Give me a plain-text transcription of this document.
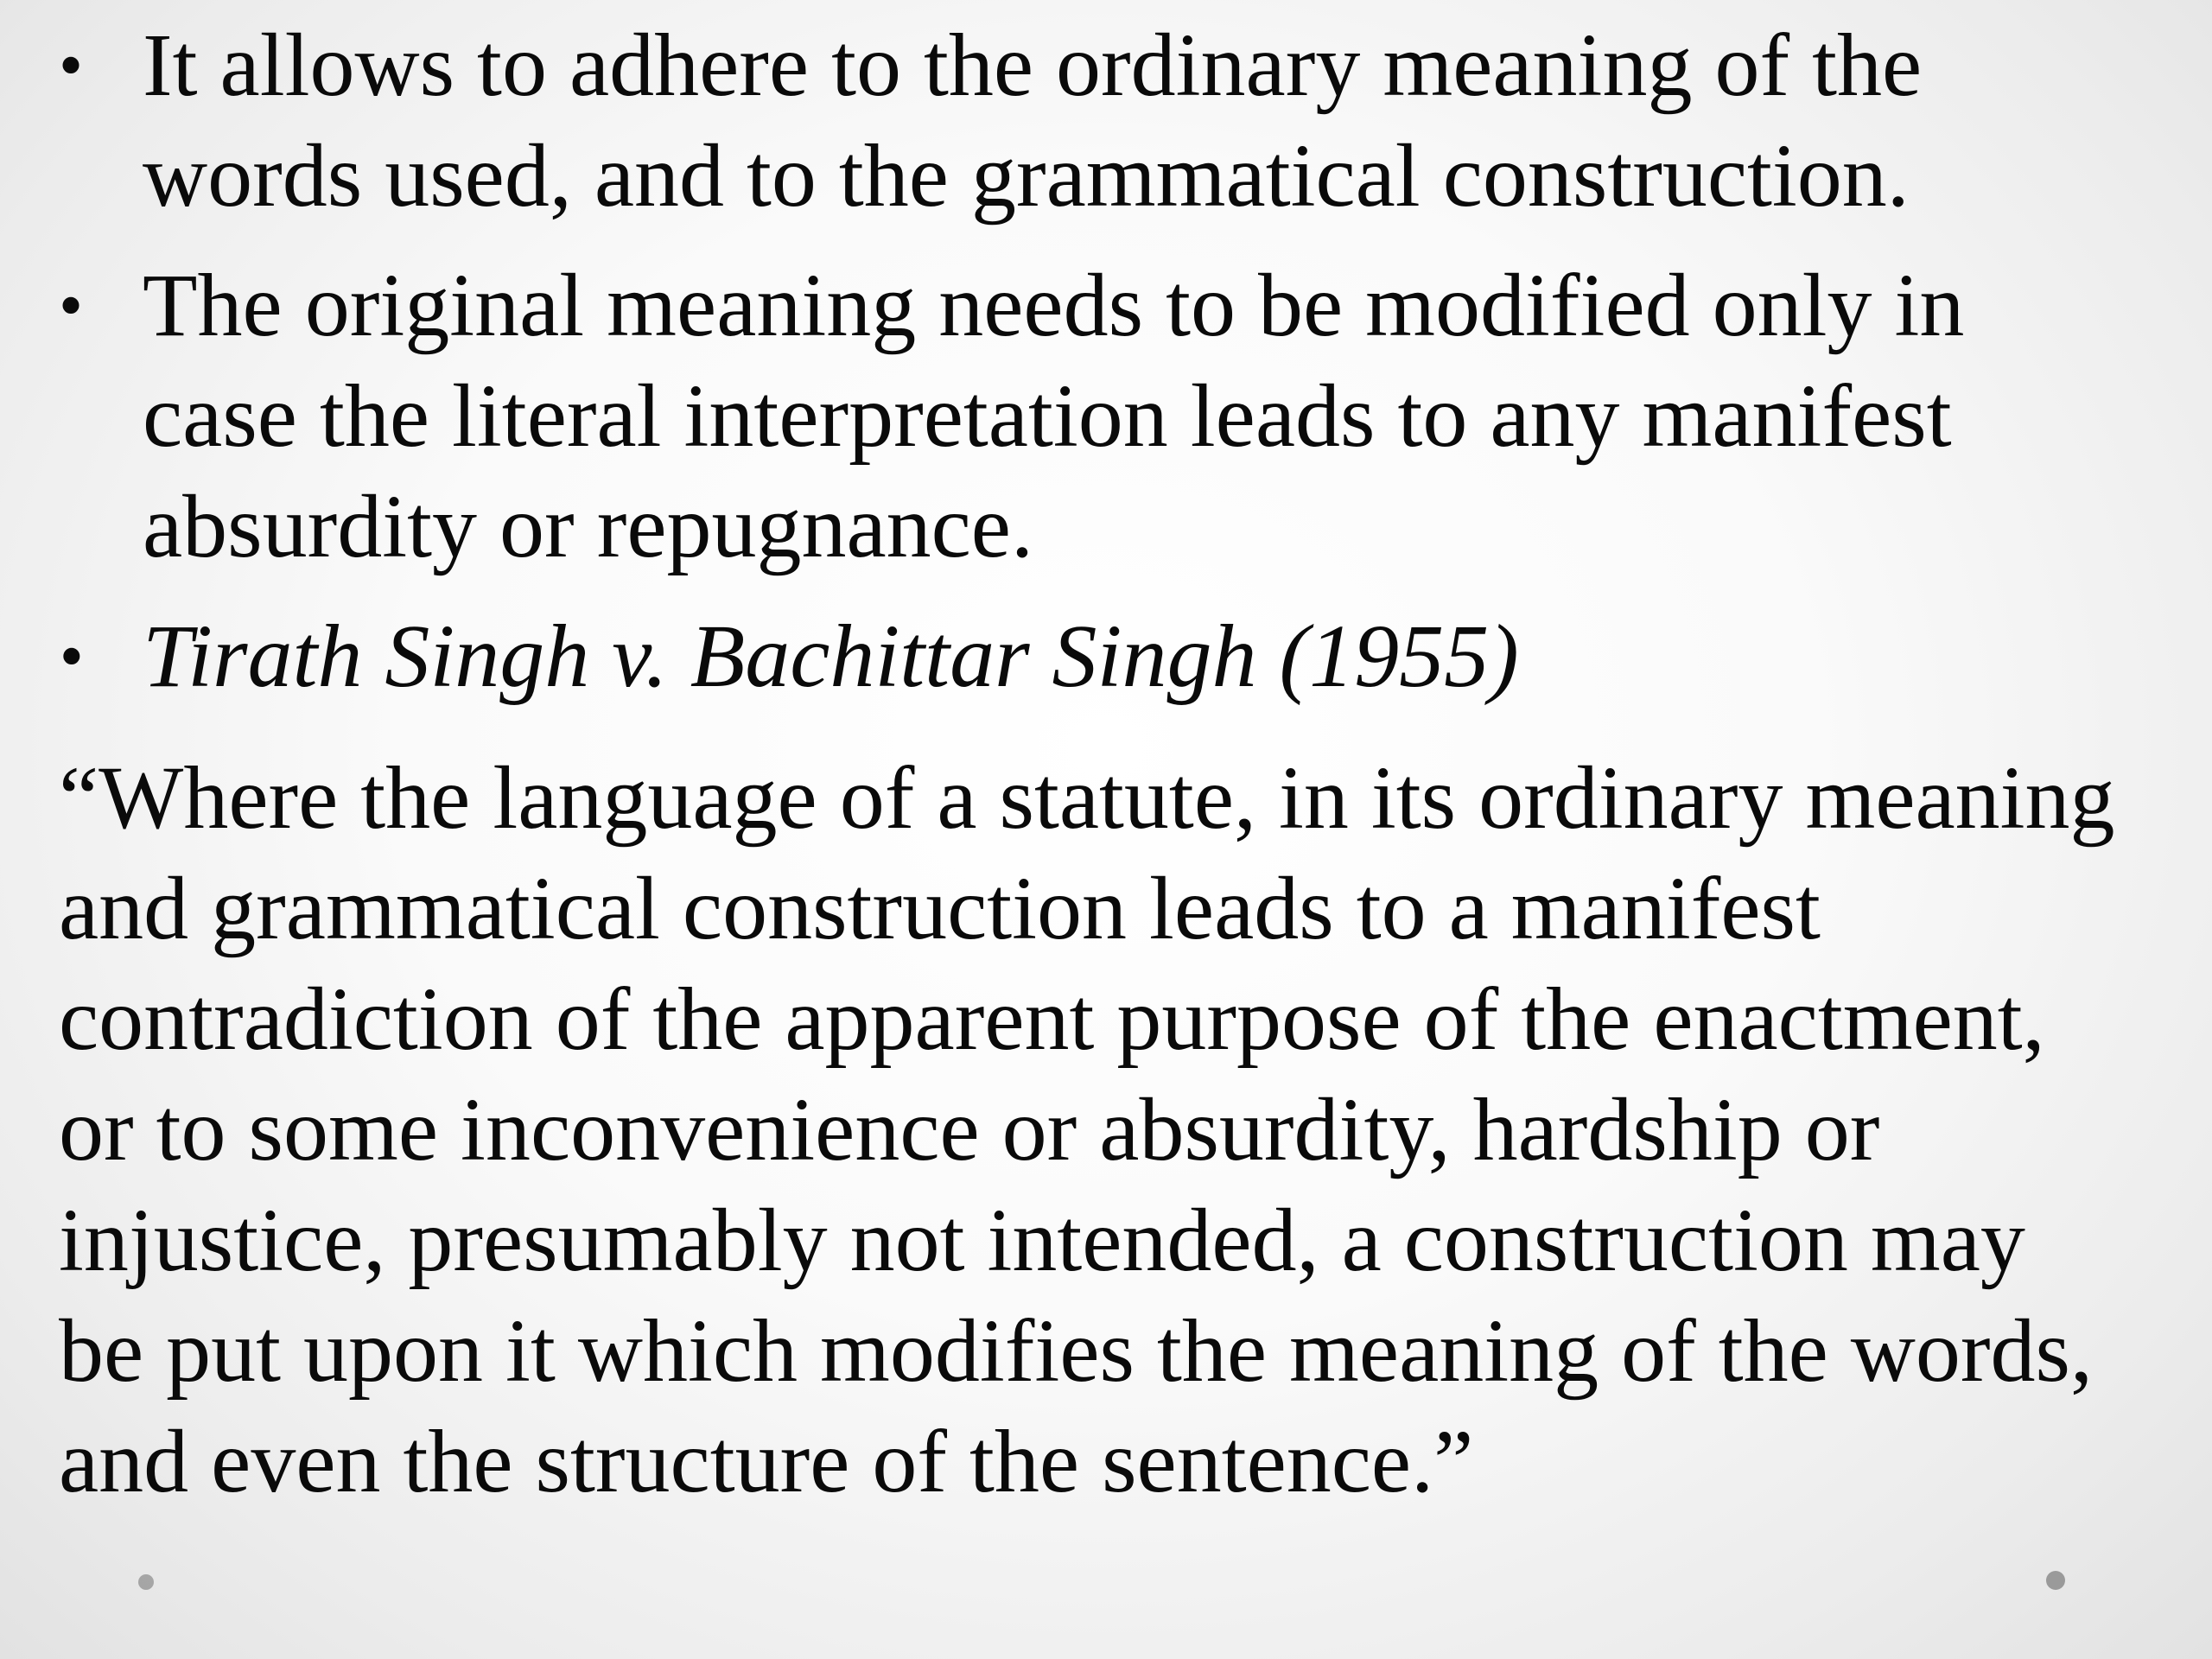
• It allows to adhere to the ordinary meaning of the words used, and to the grammatical construction.
• The original meaning needs to be modified only in case the literal interpretation leads to any manifest absurdity or repugnance.
• Tirath Singh v. Bachittar Singh (1955)

“Where the language of a statute, in its ordinary meaning and grammatical construction leads to a manifest contradiction of the apparent purpose of the enactment, or to some inconvenience or absurdity, hardship or injustice, presumably not intended, a construction may be put upon it which modifies the meaning of the words, and even the structure of the sentence.”
